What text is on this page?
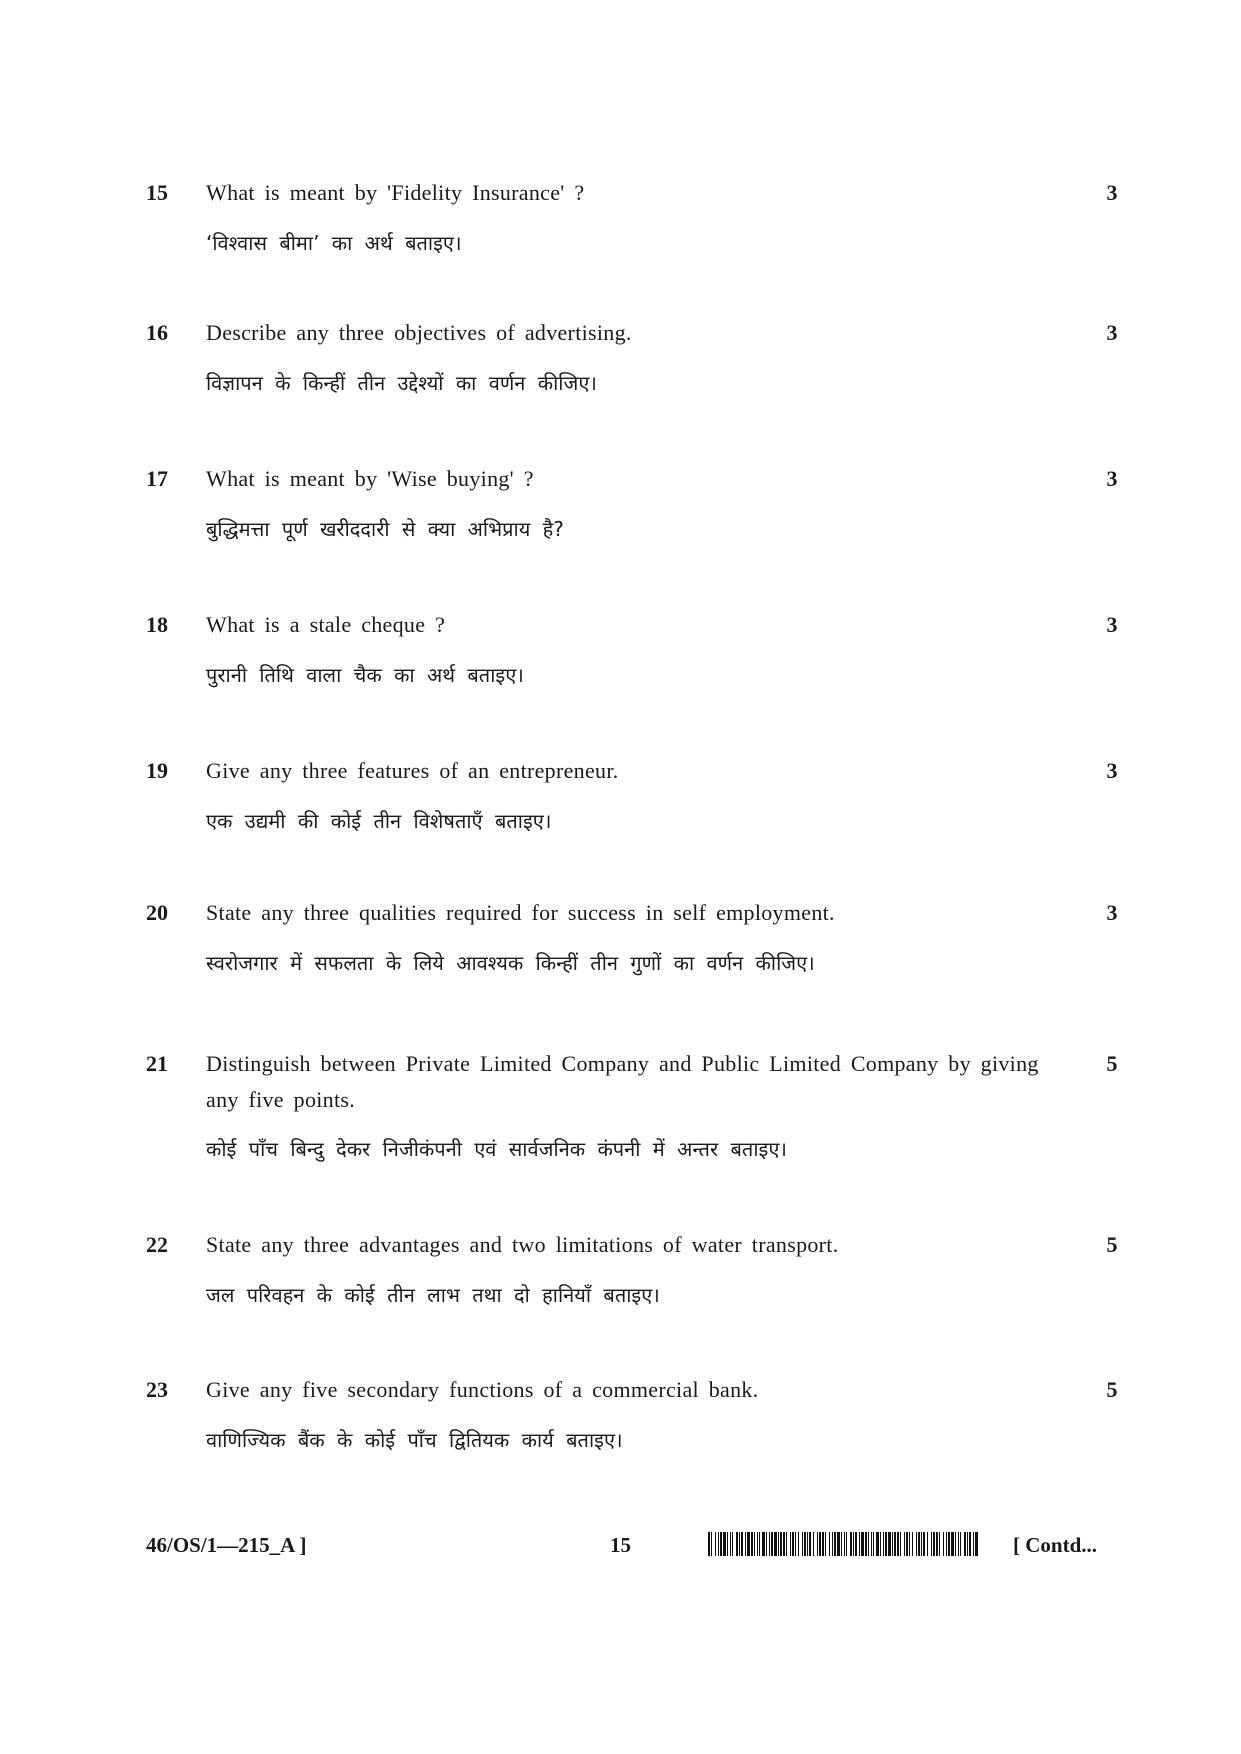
15 What is meant by 'Fidelity Insurance' ?
‘विश्वास बीमा’ का अर्थ बताइए।
3
16 Describe any three objectives of advertising.
विज्ञापन के किन्हीं तीन उद्देश्यों का वर्णन कीजिए।
3
17 What is meant by 'Wise buying' ?
बुद्धिमत्ता पूर्ण खरीददारी से क्या अभिप्राय है?
3
18 What is a stale cheque ?
पुरानी तिथि वाला चैक का अर्थ बताइए।
3
19 Give any three features of an entrepreneur.
एक उद्यमी की कोई तीन विशेषताएँ बताइए।
3
20 State any three qualities required for success in self employment.
स्वरोजगार में सफलता के लिये आवश्यक किन्हीं तीन गुणों का वर्णन कीजिए।
3
21 Distinguish between Private Limited Company and Public Limited Company by giving any five points.
कोई पाँच बिन्दु देकर निजीकंपनी एवं सार्वजनिक कंपनी में अन्तर बताइए।
5
22 State any three advantages and two limitations of water transport.
जल परिवहन के कोई तीन लाभ तथा दो हानियाँ बताइए।
5
23 Give any five secondary functions of a commercial bank.
वाणिज्यिक बैंक के कोई पाँच द्वितियक कार्य बताइए।
5
46/OS/1—215_A ]	15	[ Contd...
